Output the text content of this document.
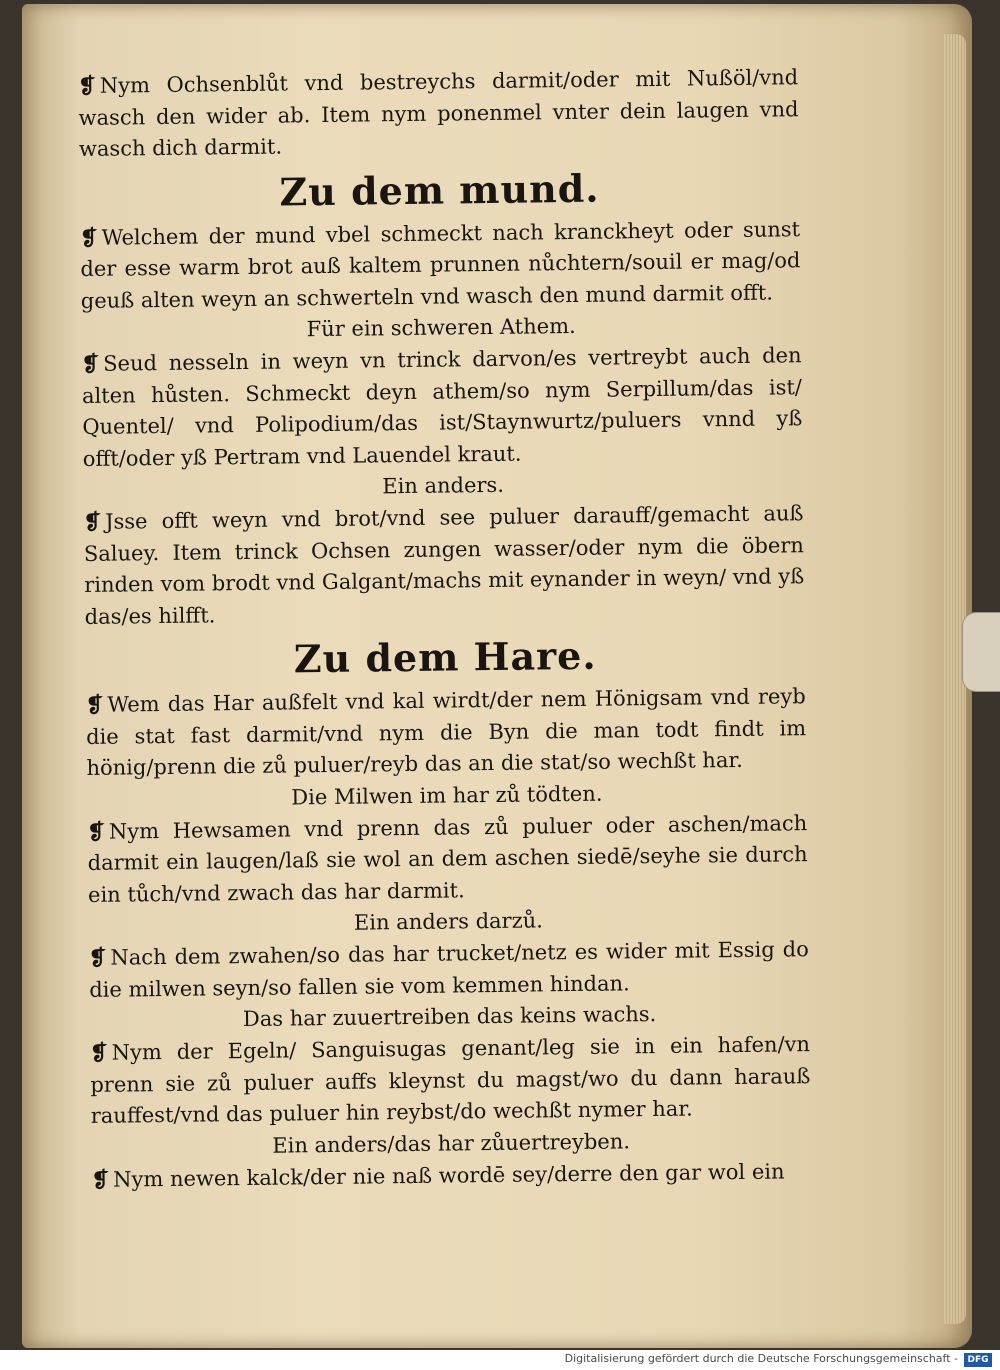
❡ Nym Ochsenblůt vnd bestreychs darmit/oder mit Nußöl/vnd wasch den wider ab. Item nym ponenmel vnter dein laugen vnd wasch dich darmit.

Zu dem mund.

❡ Welchem der mund vbel schmeckt nach kranckheyt oder sunst der esse warm brot auß kaltem prunnen nůchtern/souil er mag/od geuß alten weyn an schwerteln vnd wasch den mund darmit offt.

Für ein schweren Athem.

❡ Seud nesseln in weyn vn trinck darvon/es vertreybt auch den alten hůsten. Schmeckt deyn athem/so nym Serpillum/das ist/ Quentel/ vnd Polipodium/das ist/Staynwurtz/puluers vnnd yß offt/oder yß Pertram vnd Lauendel kraut.

Ein anders.

❡ Jsse offt weyn vnd brot/vnd see puluer darauff/gemacht auß Saluey. Item trinck Ochsen zungen wasser/oder nym die öbern rinden vom brodt vnd Galgant/machs mit eynander in weyn/ vnd yß das/es hilfft.

Zu dem Hare.

❡ Wem das Har außfelt vnd kal wirdt/der nem Hönigsam vnd reyb die stat fast darmit/vnd nym die Byn die man todt findt im hönig/prenn die zů puluer/reyb das an die stat/so wechßt har.

Die Milwen im har zů tödten.

❡ Nym Hewsamen vnd prenn das zů puluer oder aschen/mach darmit ein laugen/laß sie wol an dem aschen siedē/seyhe sie durch ein tůch/vnd zwach das har darmit.

Ein anders darzů.

❡ Nach dem zwahen/so das har trucket/netz es wider mit Essig do die milwen seyn/so fallen sie vom kemmen hindan.

Das har zuuertreiben das keins wachs.

❡ Nym der Egeln/ Sanguisugas genant/leg sie in ein hafen/vn prenn sie zů puluer auffs kleynst du magst/wo du dann harauß rauffest/vnd das puluer hin reybst/do wechßt nymer har.

Ein anders/das har zůuertreyben.

❡ Nym newen kalck/der nie naß wordē sey/derre den gar wol ein

Digitalisierung gefördert durch die Deutsche Forschungsgemeinschaft -	DFG
